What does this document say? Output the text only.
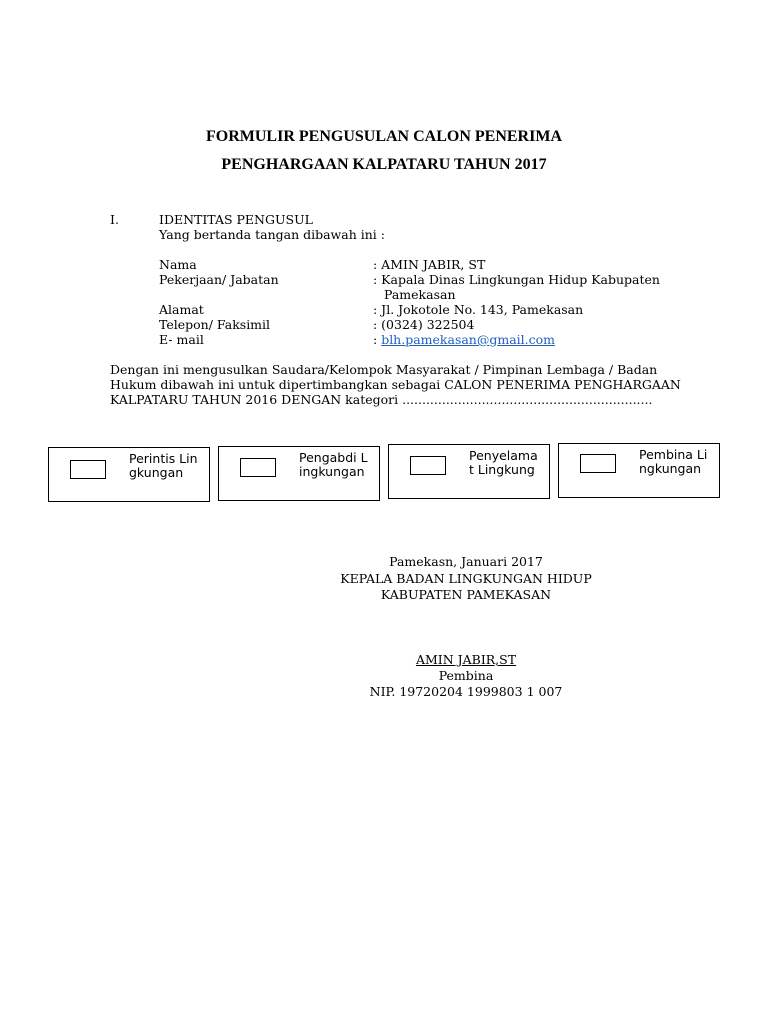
FORMULIR PENGUSULAN CALON PENERIMA
PENGHARGAAN KALPATARU TAHUN 2017
I.	IDENTITAS PENGUSUL
Yang bertanda tangan dibawah ini :
Nama	: AMIN JABIR, ST
Pekerjaan/ Jabatan	: Kapala Dinas Lingkungan Hidup Kabupaten
Pamekasan
Alamat	: Jl. Jokotole No. 143, Pamekasan
Telepon/ Faksimil	: (0324) 322504
E- mail	: blh.pamekasan@gmail.com
Dengan ini mengusulkan Saudara/Kelompok Masyarakat / Pimpinan Lembaga / Badan
Hukum dibawah ini untuk dipertimbangkan sebagai CALON PENERIMA PENGHARGAAN
KALPATARU TAHUN 2016 DENGAN kategori ...............................................................
Perintis Lingkungan
Pengabdi Lingkungan
Penyelamat Lingkung
Pembina Lingkungan
Pamekasn, Januari 2017
KEPALA BADAN LINGKUNGAN HIDUP
KABUPATEN PAMEKASAN
AMIN JABIR,ST
Pembina
NIP. 19720204 1999803 1 007
